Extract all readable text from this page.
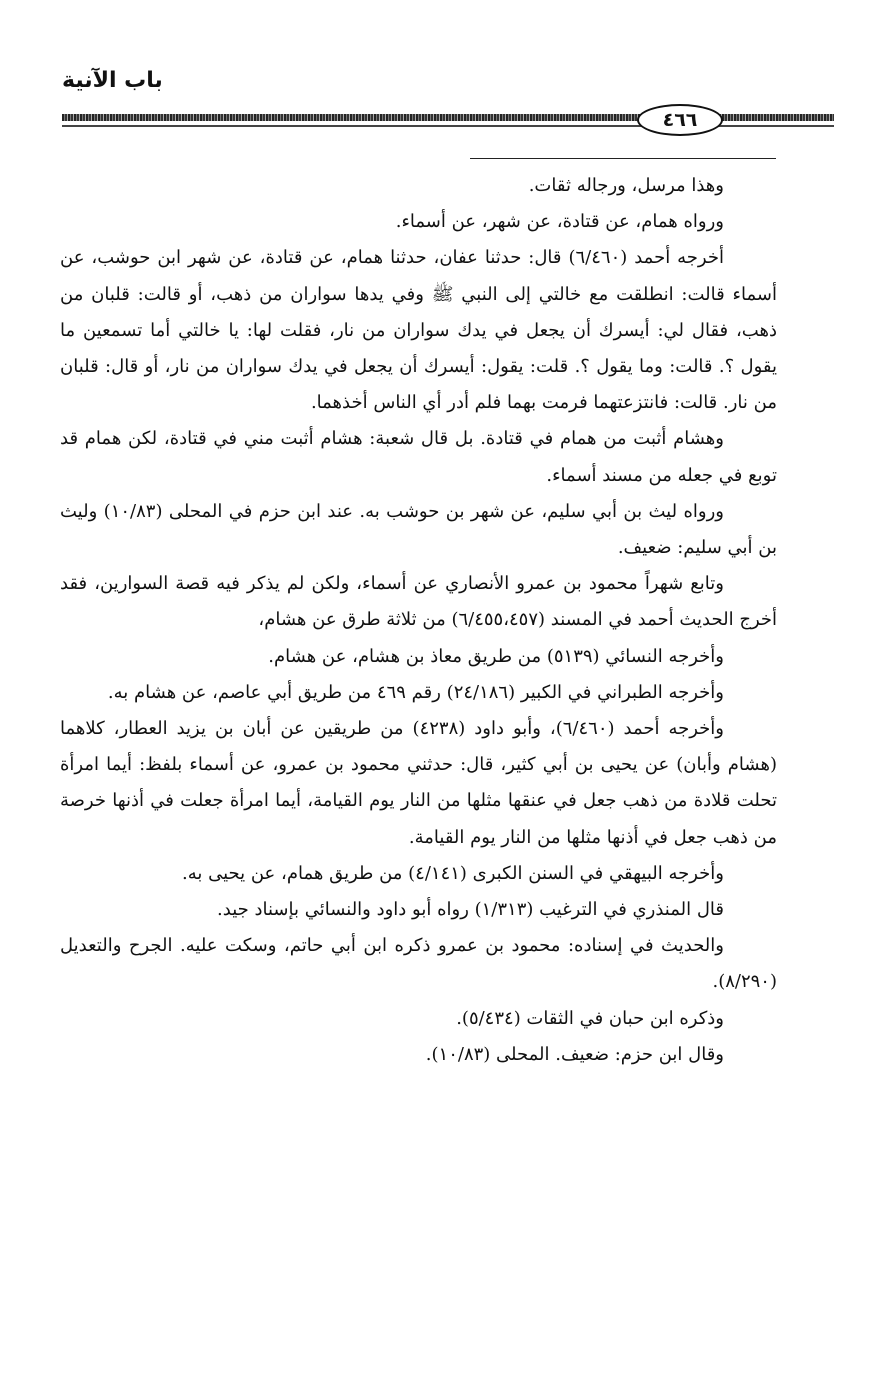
باب الآنية
٤٦٦

وهذا مرسل، ورجاله ثقات.

ورواه همام، عن قتادة، عن شهر، عن أسماء.

أخرجه أحمد (٦/٤٦٠) قال: حدثنا عفان، حدثنا همام، عن قتادة، عن شهر ابن حوشب، عن أسماء قالت: انطلقت مع خالتي إلى النبي ﷺ وفي يدها سواران من ذهب، أو قالت: قلبان من ذهب، فقال لي: أيسرك أن يجعل في يدك سواران من نار، فقلت لها: يا خالتي أما تسمعين ما يقول ؟. قالت: وما يقول ؟. قلت: يقول: أيسرك أن يجعل في يدك سواران من نار، أو قال: قلبان من نار. قالت: فانتزعتهما فرمت بهما فلم أدر أي الناس أخذهما.

وهشام أثبت من همام في قتادة. بل قال شعبة: هشام أثبت مني في قتادة، لكن همام قد توبع في جعله من مسند أسماء.

ورواه ليث بن أبي سليم، عن شهر بن حوشب به. عند ابن حزم في المحلى (١٠/٨٣) وليث بن أبي سليم: ضعيف.

وتابع شهراً محمود بن عمرو الأنصاري عن أسماء، ولكن لم يذكر فيه قصة السوارين، فقد أخرج الحديث أحمد في المسند (٦/٤٥٥،٤٥٧) من ثلاثة طرق عن هشام،

وأخرجه النسائي (٥١٣٩) من طريق معاذ بن هشام، عن هشام.

وأخرجه الطبراني في الكبير (٢٤/١٨٦) رقم ٤٦٩ من طريق أبي عاصم، عن هشام به.

وأخرجه أحمد (٦/٤٦٠)، وأبو داود (٤٢٣٨) من طريقين عن أبان بن يزيد العطار، كلاهما (هشام وأبان) عن يحيى بن أبي كثير، قال: حدثني محمود بن عمرو، عن أسماء بلفظ: أيما امرأة تحلت قلادة من ذهب جعل في عنقها مثلها من النار يوم القيامة، أيما امرأة جعلت في أذنها خرصة من ذهب جعل في أذنها مثلها من النار يوم القيامة.

وأخرجه البيهقي في السنن الكبرى (٤/١٤١) من طريق همام، عن يحيى به.

قال المنذري في الترغيب (١/٣١٣) رواه أبو داود والنسائي بإسناد جيد.

والحديث في إسناده: محمود بن عمرو ذكره ابن أبي حاتم، وسكت عليه. الجرح والتعديل (٨/٢٩٠).

وذكره ابن حبان في الثقات (٥/٤٣٤).

وقال ابن حزم: ضعيف. المحلى (١٠/٨٣).
